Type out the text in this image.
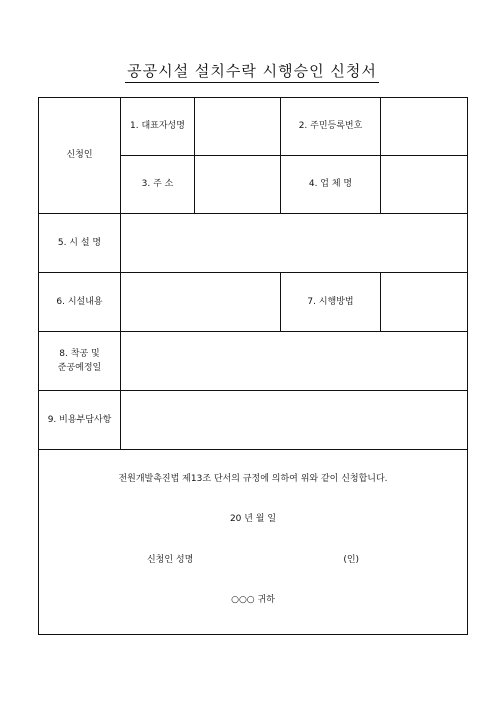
공공시설 설치수락 시행승인 신청서
신청인	1. 대표자성명		2. 주민등록번호	
	3. 주 소		4. 업 체 명	
5. 시 설 명				
6. 시설내용			7. 시행방법	

8. 착공 및
준공예정일				

9. 비용부담사항				

전원개발촉진법 제13조 단서의 규정에 의하여 위와 같이 신청합니다.

20 년 월 일

신청인 성명 (인)

○○○ 귀하				
